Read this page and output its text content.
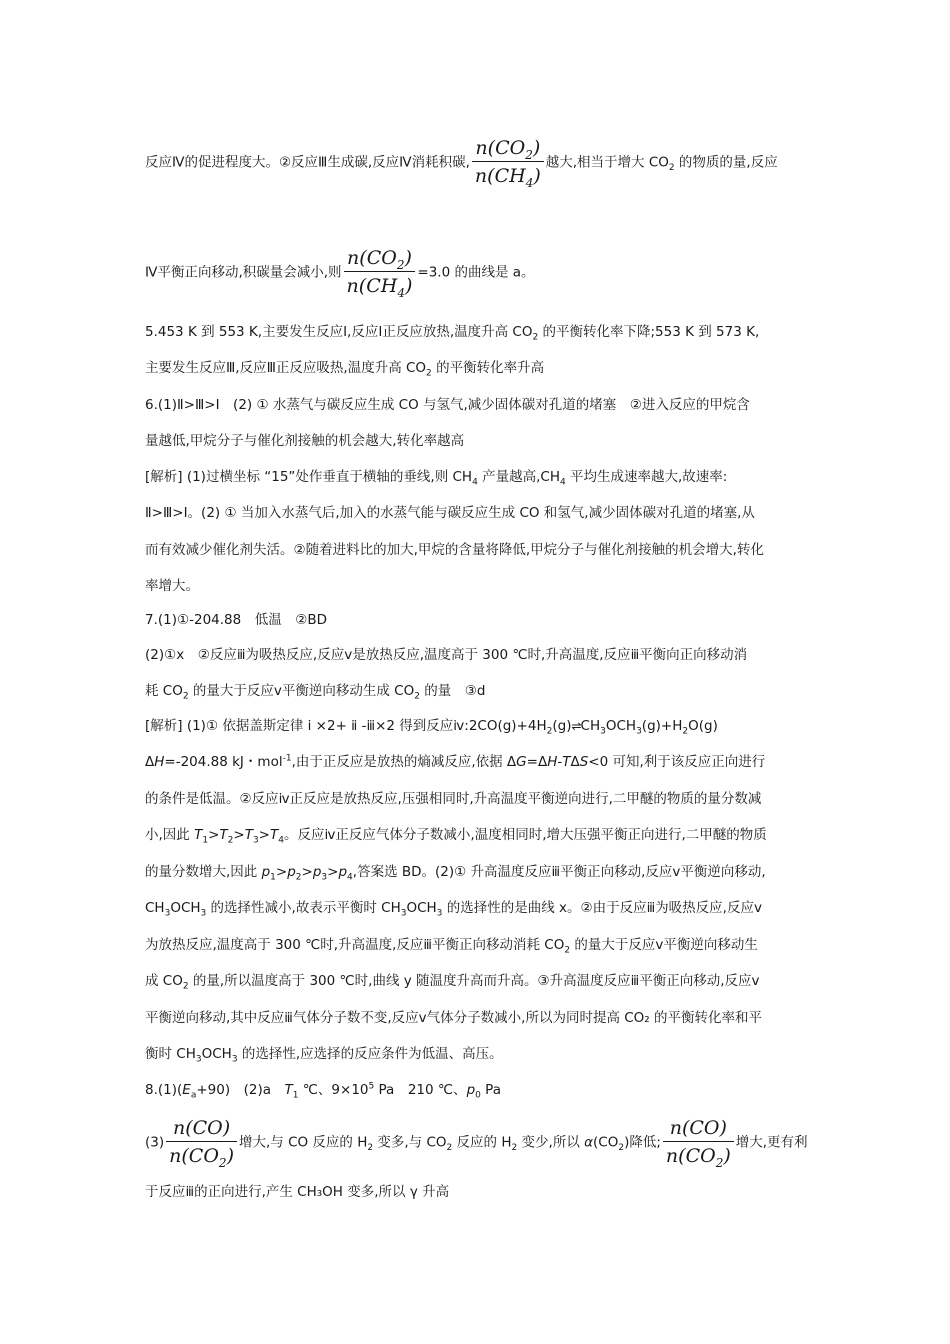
反应Ⅳ的促进程度大。②反应Ⅲ生成碳,反应Ⅳ消耗积碳, $\frac{n(CO_2)}{n(CH_4)}$ 越大,相当于增大 $CO_2$ 的物质的量,反应
Ⅳ平衡正向移动,积碳量会减小,则 $\frac{n(CO_2)}{n(CH_4)} =3.0$ 的曲线是 a。
5.453 K 到 553 K,主要发生反应Ⅰ,反应Ⅰ正反应放热,温度升高 $CO_2$ 的平衡转化率下降;553 K 到 573 K,
主要发生反应Ⅲ,反应Ⅲ正反应吸热,温度升高 $CO_2$ 的平衡转化率升高
6.(1)Ⅱ>Ⅲ>Ⅰ　(2) ① 水蒸气与碳反应生成 CO 与氢气,减少固体碳对孔道的堵塞　②进入反应的甲烷含
量越低,甲烷分子与催化剂接触的机会越大,转化率越高
[解析] (1)过横坐标 “15”处作垂直于横轴的垂线,则 $CH_4$ 产量越高$,CH_4$ 平均生成速率越大,故速率:
Ⅱ>Ⅲ>Ⅰ。(2) ① 当加入水蒸气后,加入的水蒸气能与碳反应生成 CO 和氢气,减少固体碳对孔道的堵塞,从
而有效减少催化剂失活。②随着进料比的加大,甲烷的含量将降低,甲烷分子与催化剂接触的机会增大,转化
率增大。
7.(1)①-204.88　低温　②BD
(2)①x　②反应ⅲ为吸热反应,反应ⅴ是放热反应,温度高于 300 ℃时,升高温度,反应ⅲ平衡向正向移动消
耗 $CO_2$ 的量大于反应ⅴ平衡逆向移动生成 $CO_2$ 的量　③d
[解析] (1)① 依据盖斯定律 ⅰ ×2+ ⅱ -ⅲ×2 得到反应$ⅳ:2CO(g)+4H_2(g)\rightleftharpoons CH_3OCH_3(g)+H_2O(g)$
ΔH=-204.88 kJ・mol$^{-1}$,由于正反应是放热的熵减反应,依据 ΔG=ΔH-TΔS<0 可知,利于该反应正向进行
的条件是低温。②反应ⅳ正反应是放热反应,压强相同时,升高温度平衡逆向进行,二甲醚的物质的量分数减
小,因此 $T_1>T_2>T_3>T_4$。反应ⅳ正反应气体分子数减小,温度相同时,增大压强平衡正向进行,二甲醚的物质
的量分数增大,因此 $p_1>p_2>p_3>p_4$,答案选 BD。(2)① 升高温度反应ⅲ平衡正向移动,反应ⅴ平衡逆向移动,
$CH_3OCH_3$ 的选择性减小,故表示平衡时 $CH_3OCH_3$ 的选择性的是曲线 x。②由于反应ⅲ为吸热反应,反应ⅴ
为放热反应,温度高于 300 ℃时,升高温度,反应ⅲ平衡正向移动消耗 $CO_2$ 的量大于反应ⅴ平衡逆向移动生
成 $CO_2$ 的量,所以温度高于 300 ℃时,曲线 y 随温度升高而升高。③升高温度反应ⅲ平衡正向移动,反应ⅴ
平衡逆向移动,其中反应ⅲ气体分子数不变,反应ⅴ气体分子数减小,所以为同时提高 CO₂ 的平衡转化率和平
衡时 $CH_3OCH_3$ 的选择性,应选择的反应条件为低温、高压。
$8.(1)(E_a+90)$　(2)a　$T_1$ ℃、$9\times 10^5$ Pa　210 ℃、$p_0$ Pa
$(3) \frac{n(CO)}{n(CO_2)}$ 增大,与 CO 反应的 $H_2$ 变多,与 $CO_2$ 反应的 $H_2$ 变少,所以 $\alpha(CO_2)$降低; $\frac{n(CO)}{n(CO_2)}$ 增大,更有利
于反应ⅲ的正向进行,产生 CH₃OH 变多,所以 γ 升高
